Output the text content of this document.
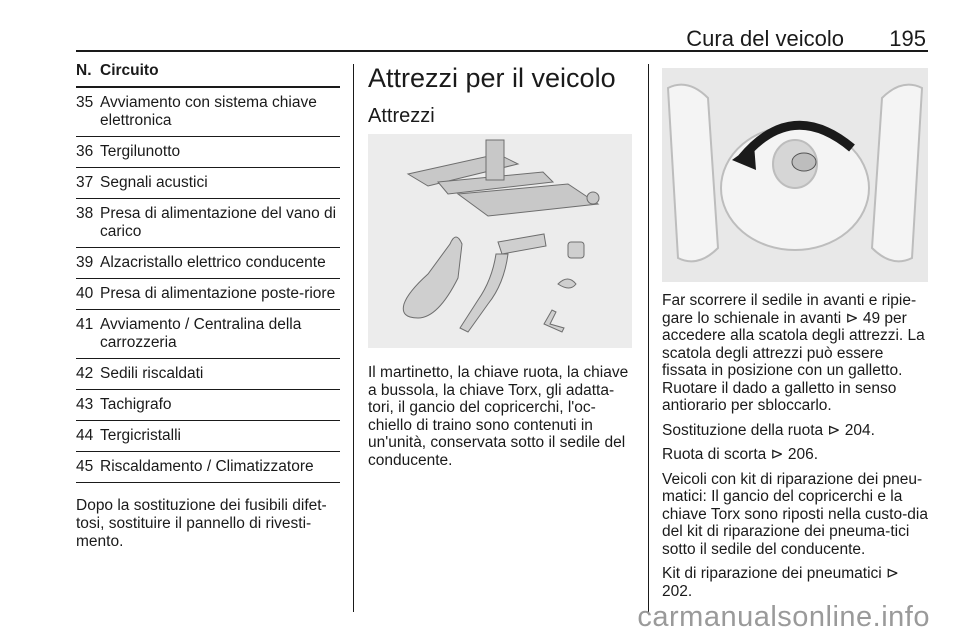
Cura del veicolo 195
N. Circuito
35 Avviamento con sistema chiave elettronica
36 Tergilunotto
37 Segnali acustici
38 Presa di alimentazione del vano di carico
39 Alzacristallo elettrico conducente
40 Presa di alimentazione poste-riore
41 Avviamento / Centralina della carrozzeria
42 Sedili riscaldati
43 Tachigrafo
44 Tergicristalli
45 Riscaldamento / Climatizzatore
Dopo la sostituzione dei fusibili difet-tosi, sostituire il pannello di rivesti-mento.
Attrezzi per il veicolo
Attrezzi
Il martinetto, la chiave ruota, la chiave a bussola, la chiave Torx, gli adatta-tori, il gancio del copricerchi, l'oc-chiello di traino sono contenuti in un'unità, conservata sotto il sedile del conducente.

Far scorrere il sedile in avanti e ripie-gare lo schienale in avanti ⊳ 49 per accedere alla scatola degli attrezzi. La scatola degli attrezzi può essere fissata in posizione con un galletto. Ruotare il dado a galletto in senso antiorario per sbloccarlo.

Sostituzione della ruota ⊳ 204.

Ruota di scorta ⊳ 206.

Veicoli con kit di riparazione dei pneu-matici: Il gancio del copricerchi e la chiave Torx sono riposti nella custo-dia del kit di riparazione dei pneuma-tici sotto il sedile del conducente.

Kit di riparazione dei pneumatici ⊳ 202.

carmanualsonline.info
